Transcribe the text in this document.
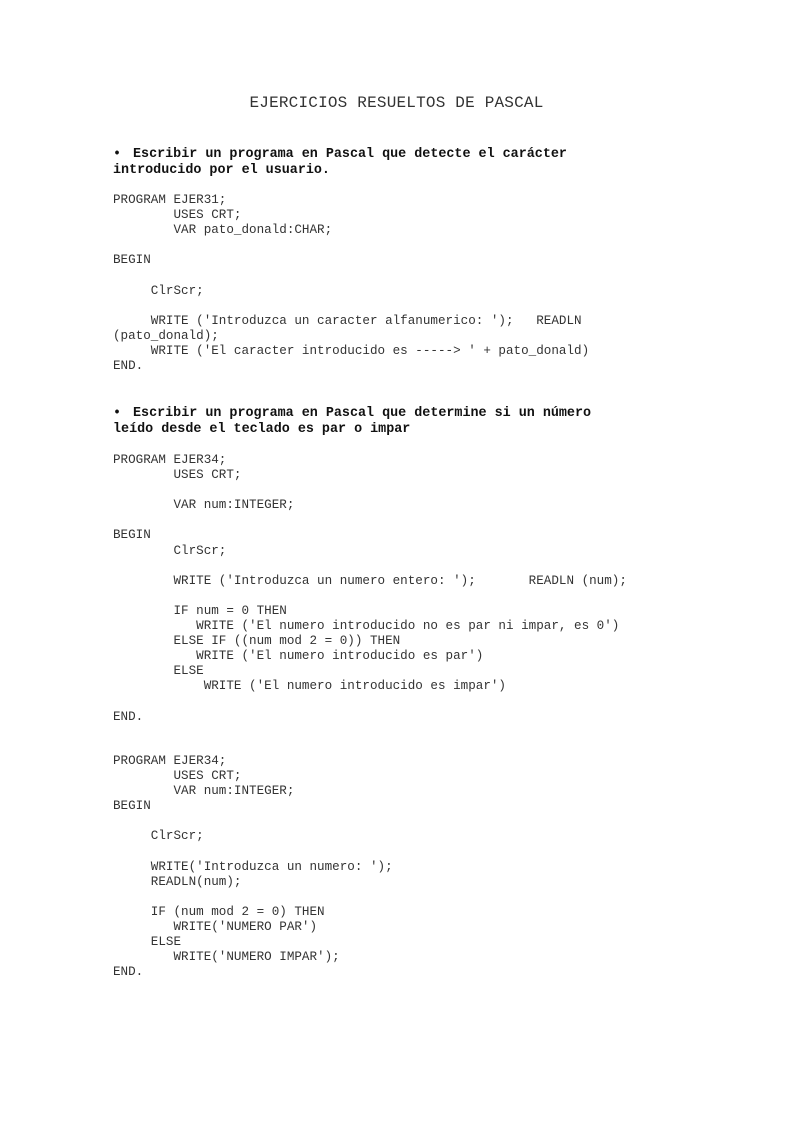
EJERCICIOS RESUELTOS DE PASCAL
• Escribir un programa en Pascal que detecte el carácter
introducido por el usuario.
PROGRAM EJER31;
USES CRT;
VAR pato_donald:CHAR;
BEGIN
ClrScr;
WRITE ('Introduzca un caracter alfanumerico: ');   READLN
(pato_donald);
WRITE ('El caracter introducido es -----> ' + pato_donald)
END.
• Escribir un programa en Pascal que determine si un número
leído desde el teclado es par o impar
PROGRAM EJER34;
USES CRT;
VAR num:INTEGER;
BEGIN
ClrScr;
WRITE ('Introduzca un numero entero: ');       READLN (num);
IF num = 0 THEN
WRITE ('El numero introducido no es par ni impar, es 0')
ELSE IF ((num mod 2 = 0)) THEN
WRITE ('El numero introducido es par')
ELSE
WRITE ('El numero introducido es impar')
END.
PROGRAM EJER34;
USES CRT;
VAR num:INTEGER;
BEGIN
ClrScr;
WRITE('Introduzca un numero: ');
READLN(num);
IF (num mod 2 = 0) THEN
WRITE('NUMERO PAR')
ELSE
WRITE('NUMERO IMPAR');
END.
